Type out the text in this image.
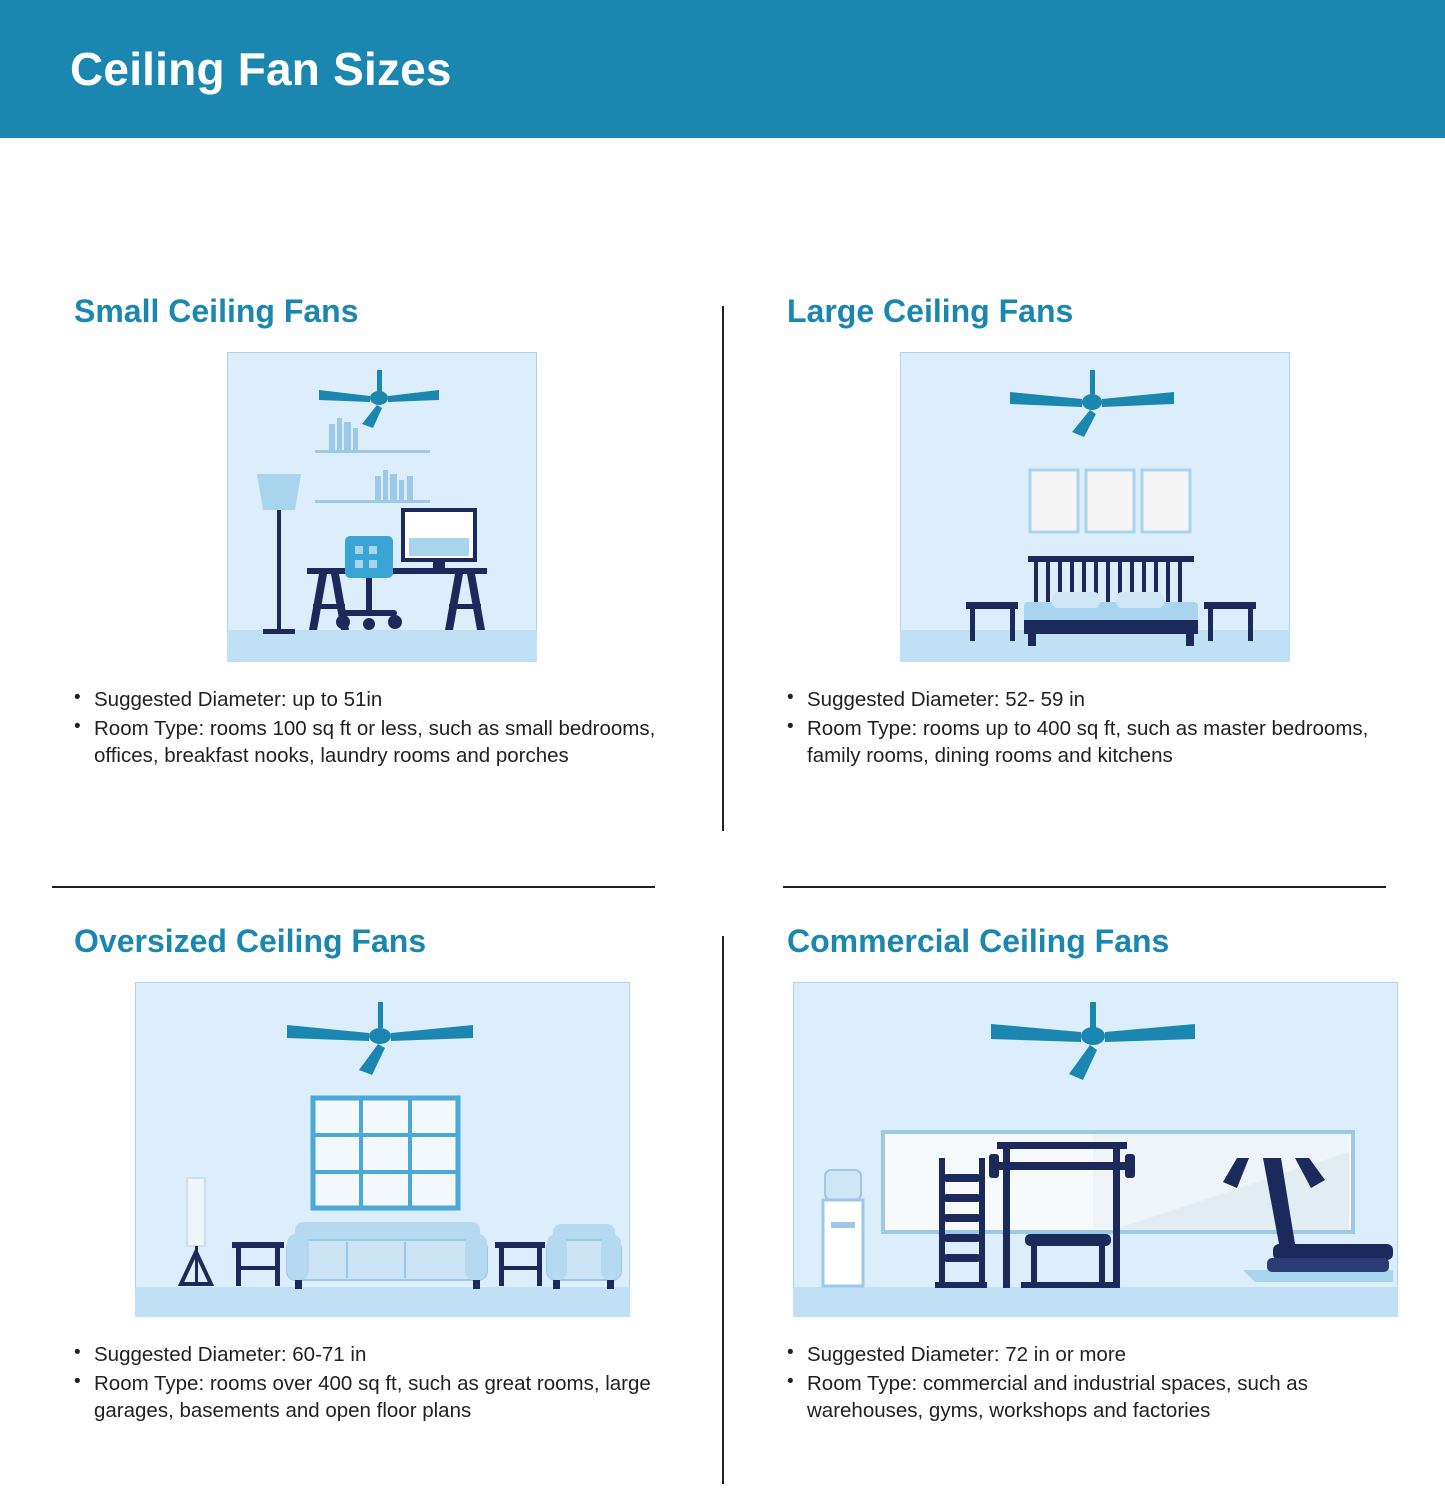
Ceiling Fan Sizes
Small Ceiling Fans
• Suggested Diameter: up to 51in
• Room Type: rooms 100 sq ft or less, such as small bedrooms, offices, breakfast nooks, laundry rooms and porches
Large Ceiling Fans
• Suggested Diameter: 52- 59 in
• Room Type: rooms up to 400 sq ft, such as master bedrooms, family rooms, dining rooms and kitchens
Oversized Ceiling Fans
• Suggested Diameter: 60-71 in
• Room Type: rooms over 400 sq ft, such as great rooms, large garages, basements and open floor plans
Commercial Ceiling Fans
• Suggested Diameter: 72 in or more
• Room Type: commercial and industrial spaces, such as warehouses, gyms, workshops and factories
